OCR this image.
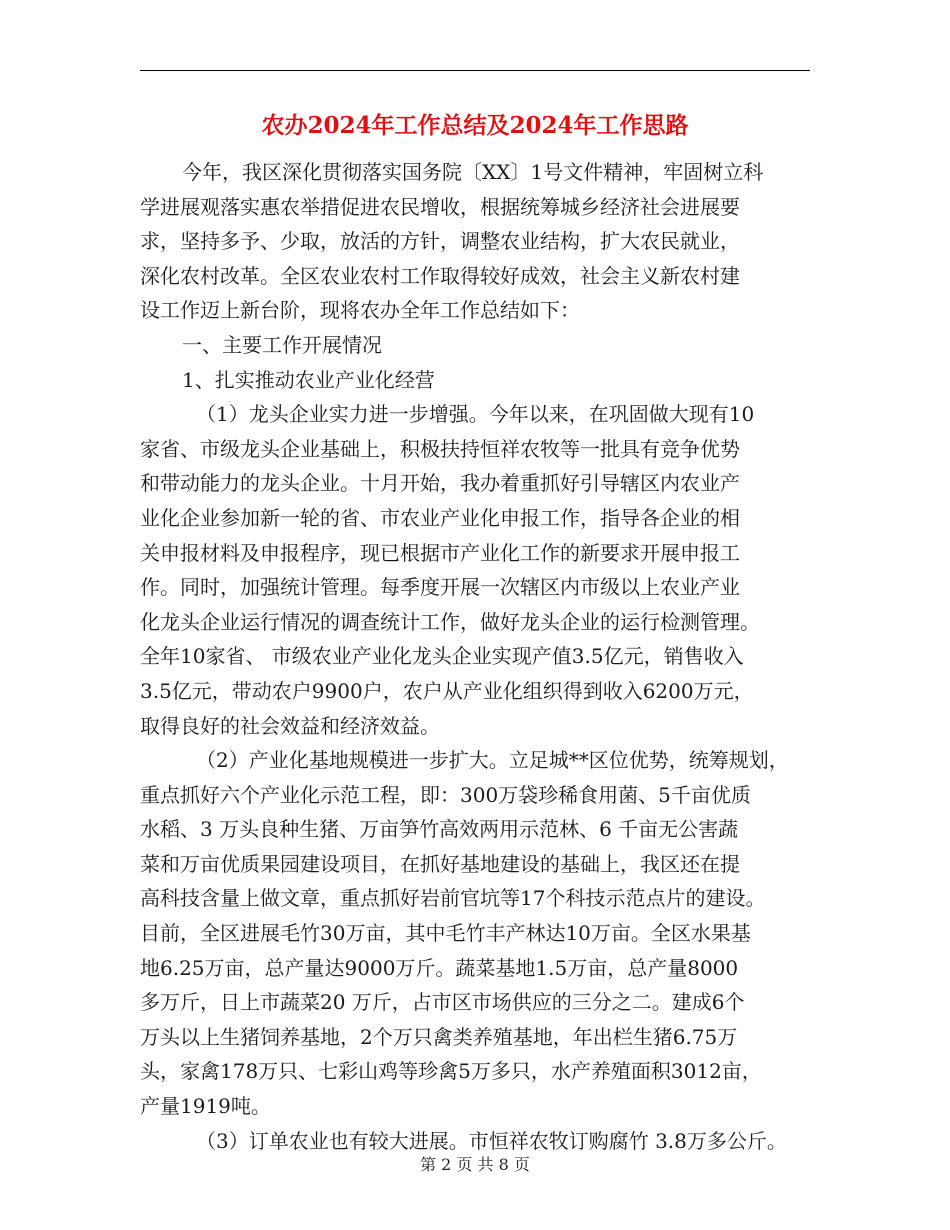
农办2024年工作总结及2024年工作思路
今年，我区深化贯彻落实国务院〔XX〕1号文件精神，牢固树立科
学进展观落实惠农举措促进农民增收，根据统筹城乡经济社会进展要
求，坚持多予、少取，放活的方针，调整农业结构，扩大农民就业，
深化农村改革。全区农业农村工作取得较好成效，社会主义新农村建
设工作迈上新台阶，现将农办全年工作总结如下：
一、主要工作开展情况
1、扎实推动农业产业化经营
（1）龙头企业实力进一步增强。今年以来，在巩固做大现有10
家省、市级龙头企业基础上，积极扶持恒祥农牧等一批具有竞争优势
和带动能力的龙头企业。十月开始，我办着重抓好引导辖区内农业产
业化企业参加新一轮的省、市农业产业化申报工作，指导各企业的相
关申报材料及申报程序，现已根据市产业化工作的新要求开展申报工
作。同时，加强统计管理。每季度开展一次辖区内市级以上农业产业
化龙头企业运行情况的调查统计工作，做好龙头企业的运行检测管理。
全年10家省、 市级农业产业化龙头企业实现产值3.5亿元，销售收入
3.5亿元，带动农户9900户，农户从产业化组织得到收入6200万元，
取得良好的社会效益和经济效益。
（2）产业化基地规模进一步扩大。立足城**区位优势，统筹规划，
重点抓好六个产业化示范工程，即：300万袋珍稀食用菌、5千亩优质
水稻、3 万头良种生猪、万亩笋竹高效两用示范林、6 千亩无公害蔬
菜和万亩优质果园建设项目，在抓好基地建设的基础上，我区还在提
高科技含量上做文章，重点抓好岩前官坑等17个科技示范点片的建设。
目前，全区进展毛竹30万亩，其中毛竹丰产林达10万亩。全区水果基
地6.25万亩，总产量达9000万斤。蔬菜基地1.5万亩，总产量8000
多万斤，日上市蔬菜20 万斤，占市区市场供应的三分之二。建成6个
万头以上生猪饲养基地，2个万只禽类养殖基地，年出栏生猪6.75万
头，家禽178万只、七彩山鸡等珍禽5万多只，水产养殖面积3012亩，
产量1919吨。
（3）订单农业也有较大进展。市恒祥农牧订购腐竹 3.8万多公斤。
第 2 页 共 8 页
